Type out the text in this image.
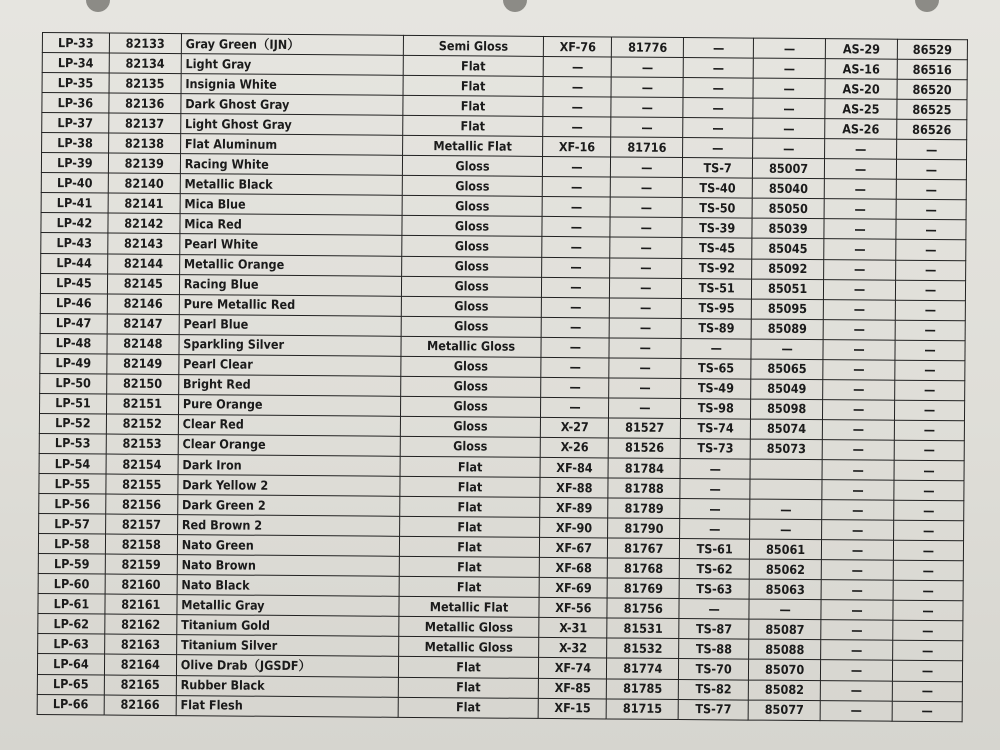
LP-33	82133	Gray Green（IJN）	Semi Gloss	XF-76	81776	—	—	AS-29	86529
LP-34	82134	Light Gray	Flat	—	—	—	—	AS-16	86516
LP-35	82135	Insignia White	Flat	—	—	—	—	AS-20	86520
LP-36	82136	Dark Ghost Gray	Flat	—	—	—	—	AS-25	86525
LP-37	82137	Light Ghost Gray	Flat	—	—	—	—	AS-26	86526
LP-38	82138	Flat Aluminum	Metallic Flat	XF-16	81716	—	—	—	—
LP-39	82139	Racing White	Gloss	—	—	TS-7	85007	—	—
LP-40	82140	Metallic Black	Gloss	—	—	TS-40	85040	—	—
LP-41	82141	Mica Blue	Gloss	—	—	TS-50	85050	—	—
LP-42	82142	Mica Red	Gloss	—	—	TS-39	85039	—	—
LP-43	82143	Pearl White	Gloss	—	—	TS-45	85045	—	—
LP-44	82144	Metallic Orange	Gloss	—	—	TS-92	85092	—	—
LP-45	82145	Racing Blue	Gloss	—	—	TS-51	85051	—	—
LP-46	82146	Pure Metallic Red	Gloss	—	—	TS-95	85095	—	—
LP-47	82147	Pearl Blue	Gloss	—	—	TS-89	85089	—	—
LP-48	82148	Sparkling Silver	Metallic Gloss	—	—	—	—	—	—
LP-49	82149	Pearl Clear	Gloss	—	—	TS-65	85065	—	—
LP-50	82150	Bright Red	Gloss	—	—	TS-49	85049	—	—
LP-51	82151	Pure Orange	Gloss	—	—	TS-98	85098	—	—
LP-52	82152	Clear Red	Gloss	X-27	81527	TS-74	85074	—	—
LP-53	82153	Clear Orange	Gloss	X-26	81526	TS-73	85073	—	—
LP-54	82154	Dark Iron	Flat	XF-84	81784	—		—	—
LP-55	82155	Dark Yellow 2	Flat	XF-88	81788	—		—	—
LP-56	82156	Dark Green 2	Flat	XF-89	81789	—	—	—	—
LP-57	82157	Red Brown 2	Flat	XF-90	81790	—	—	—	—
LP-58	82158	Nato Green	Flat	XF-67	81767	TS-61	85061	—	—
LP-59	82159	Nato Brown	Flat	XF-68	81768	TS-62	85062	—	—
LP-60	82160	Nato Black	Flat	XF-69	81769	TS-63	85063	—	—
LP-61	82161	Metallic Gray	Metallic Flat	XF-56	81756	—	—	—	—
LP-62	82162	Titanium Gold	Metallic Gloss	X-31	81531	TS-87	85087	—	—
LP-63	82163	Titanium Silver	Metallic Gloss	X-32	81532	TS-88	85088	—	—
LP-64	82164	Olive Drab（JGSDF）	Flat	XF-74	81774	TS-70	85070	—	—
LP-65	82165	Rubber Black	Flat	XF-85	81785	TS-82	85082	—	—
LP-66	82166	Flat Flesh	Flat	XF-15	81715	TS-77	85077	—	—
